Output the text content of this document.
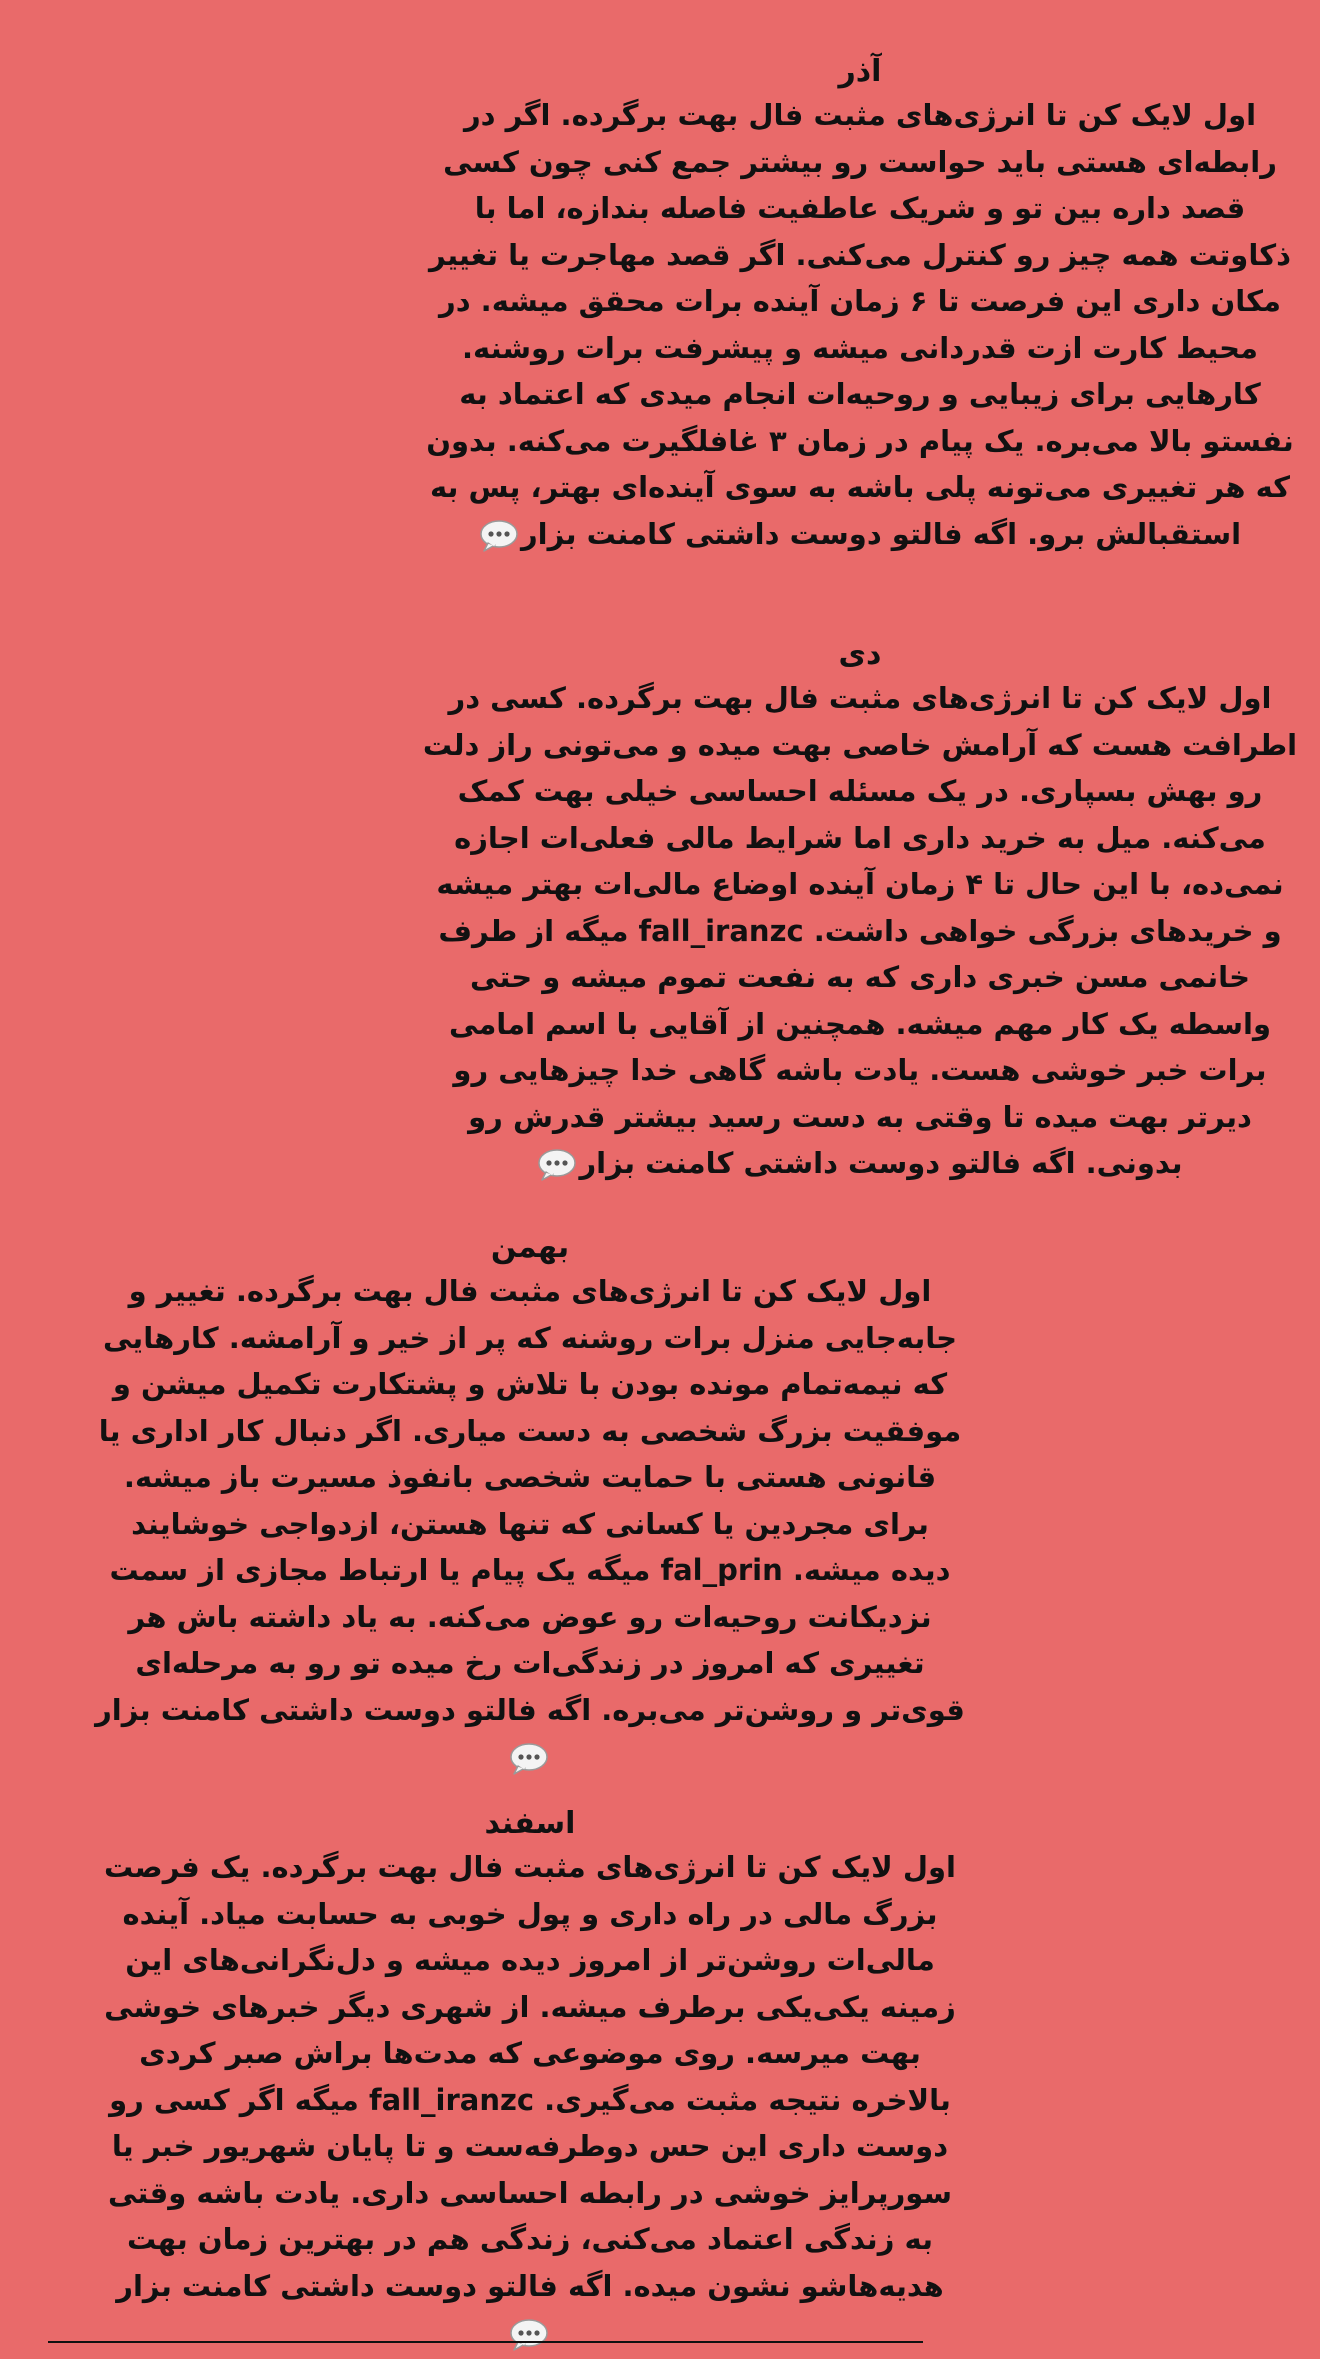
آذر

اول لایک کن تا انرژی‌های مثبت فال بهت برگرده. اگر در
رابطه‌ای هستی باید حواست رو بیشتر جمع کنی چون کسی
قصد داره بین تو و شریک عاطفیت فاصله بندازه، اما با
ذکاوتت همه چیز رو کنترل می‌کنی. اگر قصد مهاجرت یا تغییر
مکان داری این فرصت تا ۶ زمان آینده برات محقق میشه. در
محیط کارت ازت قدردانی میشه و پیشرفت برات روشنه.
کارهایی برای زیبایی و روحیه‌ات انجام میدی که اعتماد به
نفستو بالا می‌بره. یک پیام در زمان ۳ غافلگیرت می‌کنه. بدون
که هر تغییری می‌تونه پلی باشه به سوی آینده‌ای بهتر، پس به
استقبالش برو. اگه فالتو دوست داشتی کامنت بزار

دی

اول لایک کن تا انرژی‌های مثبت فال بهت برگرده. کسی در
اطرافت هست که آرامش خاصی بهت میده و می‌تونی راز دلت
رو بهش بسپاری. در یک مسئله احساسی خیلی بهت کمک
می‌کنه. میل به خرید داری اما شرایط مالی فعلی‌ات اجازه
نمی‌ده، با این حال تا ۴ زمان آینده اوضاع مالی‌ات بهتر میشه
و خریدهای بزرگی خواهی داشت. fall_iranzc میگه از طرف
خانمی مسن خبری داری که به نفعت تموم میشه و حتی
واسطه یک کار مهم میشه. همچنین از آقایی با اسم امامی
برات خبر خوشی هست. یادت باشه گاهی خدا چیزهایی رو
دیرتر بهت میده تا وقتی به دست رسید بیشتر قدرش رو
بدونی. اگه فالتو دوست داشتی کامنت بزار

بهمن

اول لایک کن تا انرژی‌های مثبت فال بهت برگرده. تغییر و
جابه‌جایی منزل برات روشنه که پر از خیر و آرامشه. کارهایی
که نیمه‌تمام مونده بودن با تلاش و پشتکارت تکمیل میشن و
موفقیت بزرگ شخصی به دست میاری. اگر دنبال کار اداری یا
قانونی هستی با حمایت شخصی بانفوذ مسیرت باز میشه.
برای مجردین یا کسانی که تنها هستن، ازدواجی خوشایند
دیده میشه. fal_prin میگه یک پیام یا ارتباط مجازی از سمت
نزدیکانت روحیه‌ات رو عوض می‌کنه. به یاد داشته باش هر
تغییری که امروز در زندگی‌ات رخ میده تو رو به مرحله‌ای
قوی‌تر و روشن‌تر می‌بره. اگه فالتو دوست داشتی کامنت بزار

اسفند

اول لایک کن تا انرژی‌های مثبت فال بهت برگرده. یک فرصت
بزرگ مالی در راه داری و پول خوبی به حسابت میاد. آینده
مالی‌ات روشن‌تر از امروز دیده میشه و دل‌نگرانی‌های این
زمینه یکی‌یکی برطرف میشه. از شهری دیگر خبرهای خوشی
بهت میرسه. روی موضوعی که مدت‌ها براش صبر کردی
بالاخره نتیجه مثبت می‌گیری. fall_iranzc میگه اگر کسی رو
دوست داری این حس دوطرفه‌ست و تا پایان شهریور خبر یا
سورپرایز خوشی در رابطه احساسی داری. یادت باشه وقتی
به زندگی اعتماد می‌کنی، زندگی هم در بهترین زمان بهت
هدیه‌هاشو نشون میده. اگه فالتو دوست داشتی کامنت بزار
